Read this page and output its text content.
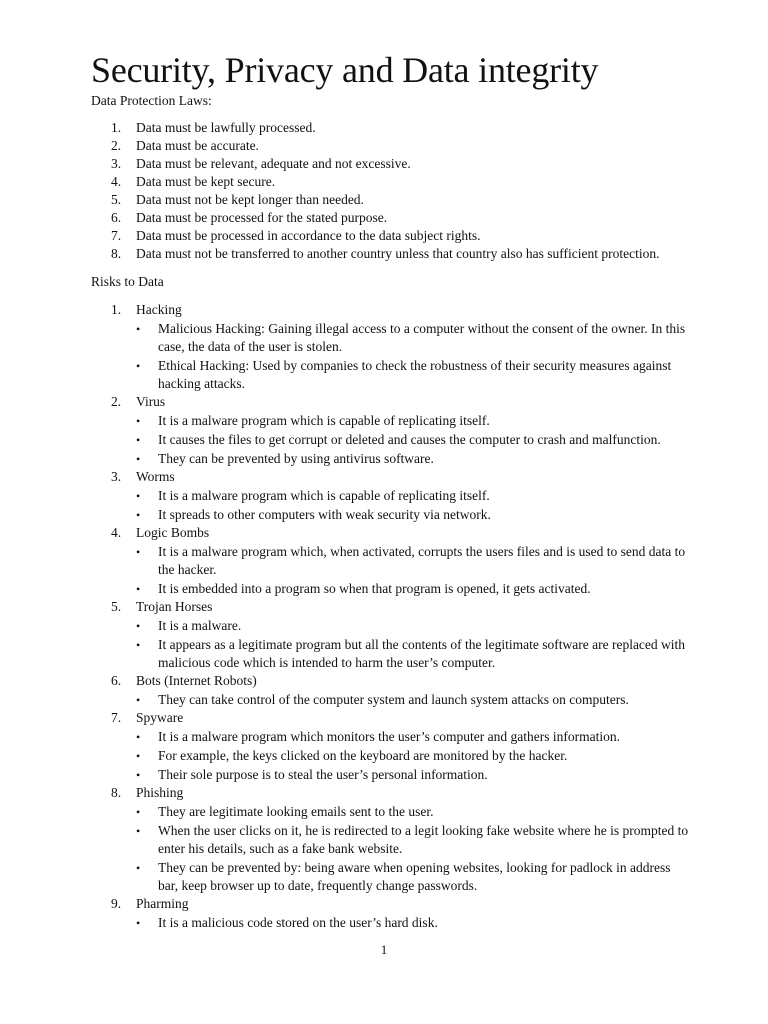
Security, Privacy and Data integrity

Data Protection Laws:

1.	Data must be lawfully processed.
2.	Data must be accurate.
3.	Data must be relevant, adequate and not excessive.
4.	Data must be kept secure.
5.	Data must not be kept longer than needed.
6.	Data must be processed for the stated purpose.
7.	Data must be processed in accordance to the data subject rights.
8.	Data must not be transferred to another country unless that country also has sufficient protection.

Risks to Data

1.	Hacking
• Malicious Hacking: Gaining illegal access to a computer without the consent of the owner. In this case, the data of the user is stolen.
• Ethical Hacking: Used by companies to check the robustness of their security measures against hacking attacks.
2.	Virus
• It is a malware program which is capable of replicating itself.
• It causes the files to get corrupt or deleted and causes the computer to crash and malfunction.
• They can be prevented by using antivirus software.
3.	Worms
• It is a malware program which is capable of replicating itself.
• It spreads to other computers with weak security via network.
4.	Logic Bombs
• It is a malware program which, when activated, corrupts the users files and is used to send data to the hacker.
• It is embedded into a program so when that program is opened, it gets activated.
5.	Trojan Horses
• It is a malware.
• It appears as a legitimate program but all the contents of the legitimate software are replaced with malicious code which is intended to harm the user’s computer.
6.	Bots (Internet Robots)
• They can take control of the computer system and launch system attacks on computers.
7.	Spyware
• It is a malware program which monitors the user’s computer and gathers information.
• For example, the keys clicked on the keyboard are monitored by the hacker.
• Their sole purpose is to steal the user’s personal information.
8.	Phishing
• They are legitimate looking emails sent to the user.
• When the user clicks on it, he is redirected to a legit looking fake website where he is prompted to enter his details, such as a fake bank website.
• They can be prevented by: being aware when opening websites, looking for padlock in address bar, keep browser up to date, frequently change passwords.
9.	Pharming
• It is a malicious code stored on the user’s hard disk.
1
